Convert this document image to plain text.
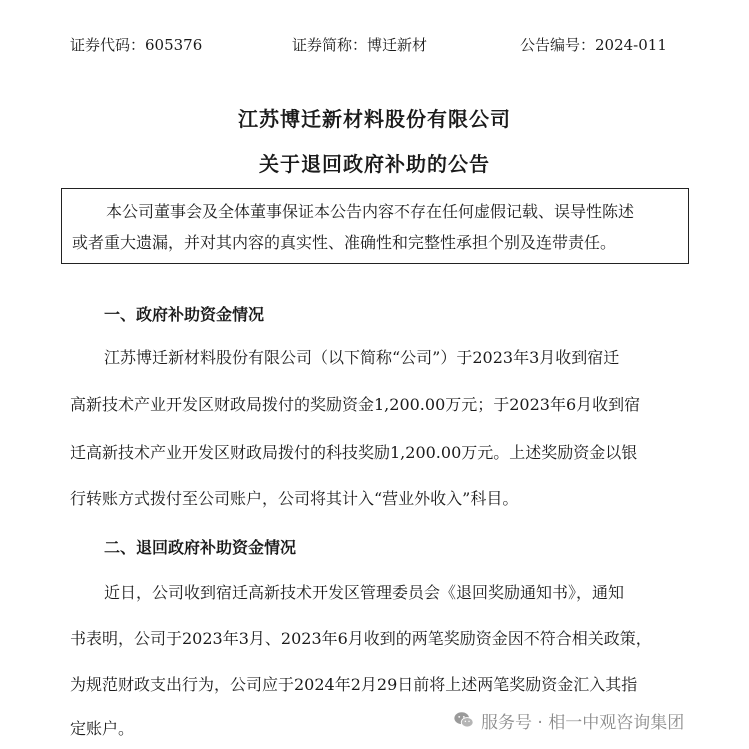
证券代码：605376	证券简称：博迁新材	公告编号：2024-011
江苏博迁新材料股份有限公司
关于退回政府补助的公告
本公司董事会及全体董事保证本公告内容不存在任何虚假记载、误导性陈述
或者重大遗漏，并对其内容的真实性、准确性和完整性承担个别及连带责任。
一、政府补助资金情况
江苏博迁新材料股份有限公司（以下简称“公司”）于2023年3月收到宿迁
高新技术产业开发区财政局拨付的奖励资金1,200.00万元；于2023年6月收到宿
迁高新技术产业开发区财政局拨付的科技奖励1,200.00万元。上述奖励资金以银
行转账方式拨付至公司账户，公司将其计入“营业外收入”科目。
二、退回政府补助资金情况
近日，公司收到宿迁高新技术开发区管理委员会《退回奖励通知书》，通知
书表明，公司于2023年3月、2023年6月收到的两笔奖励资金因不符合相关政策，
为规范财政支出行为，公司应于2024年2月29日前将上述两笔奖励资金汇入其指
定账户。	服务号 · 相一中观咨询集团
